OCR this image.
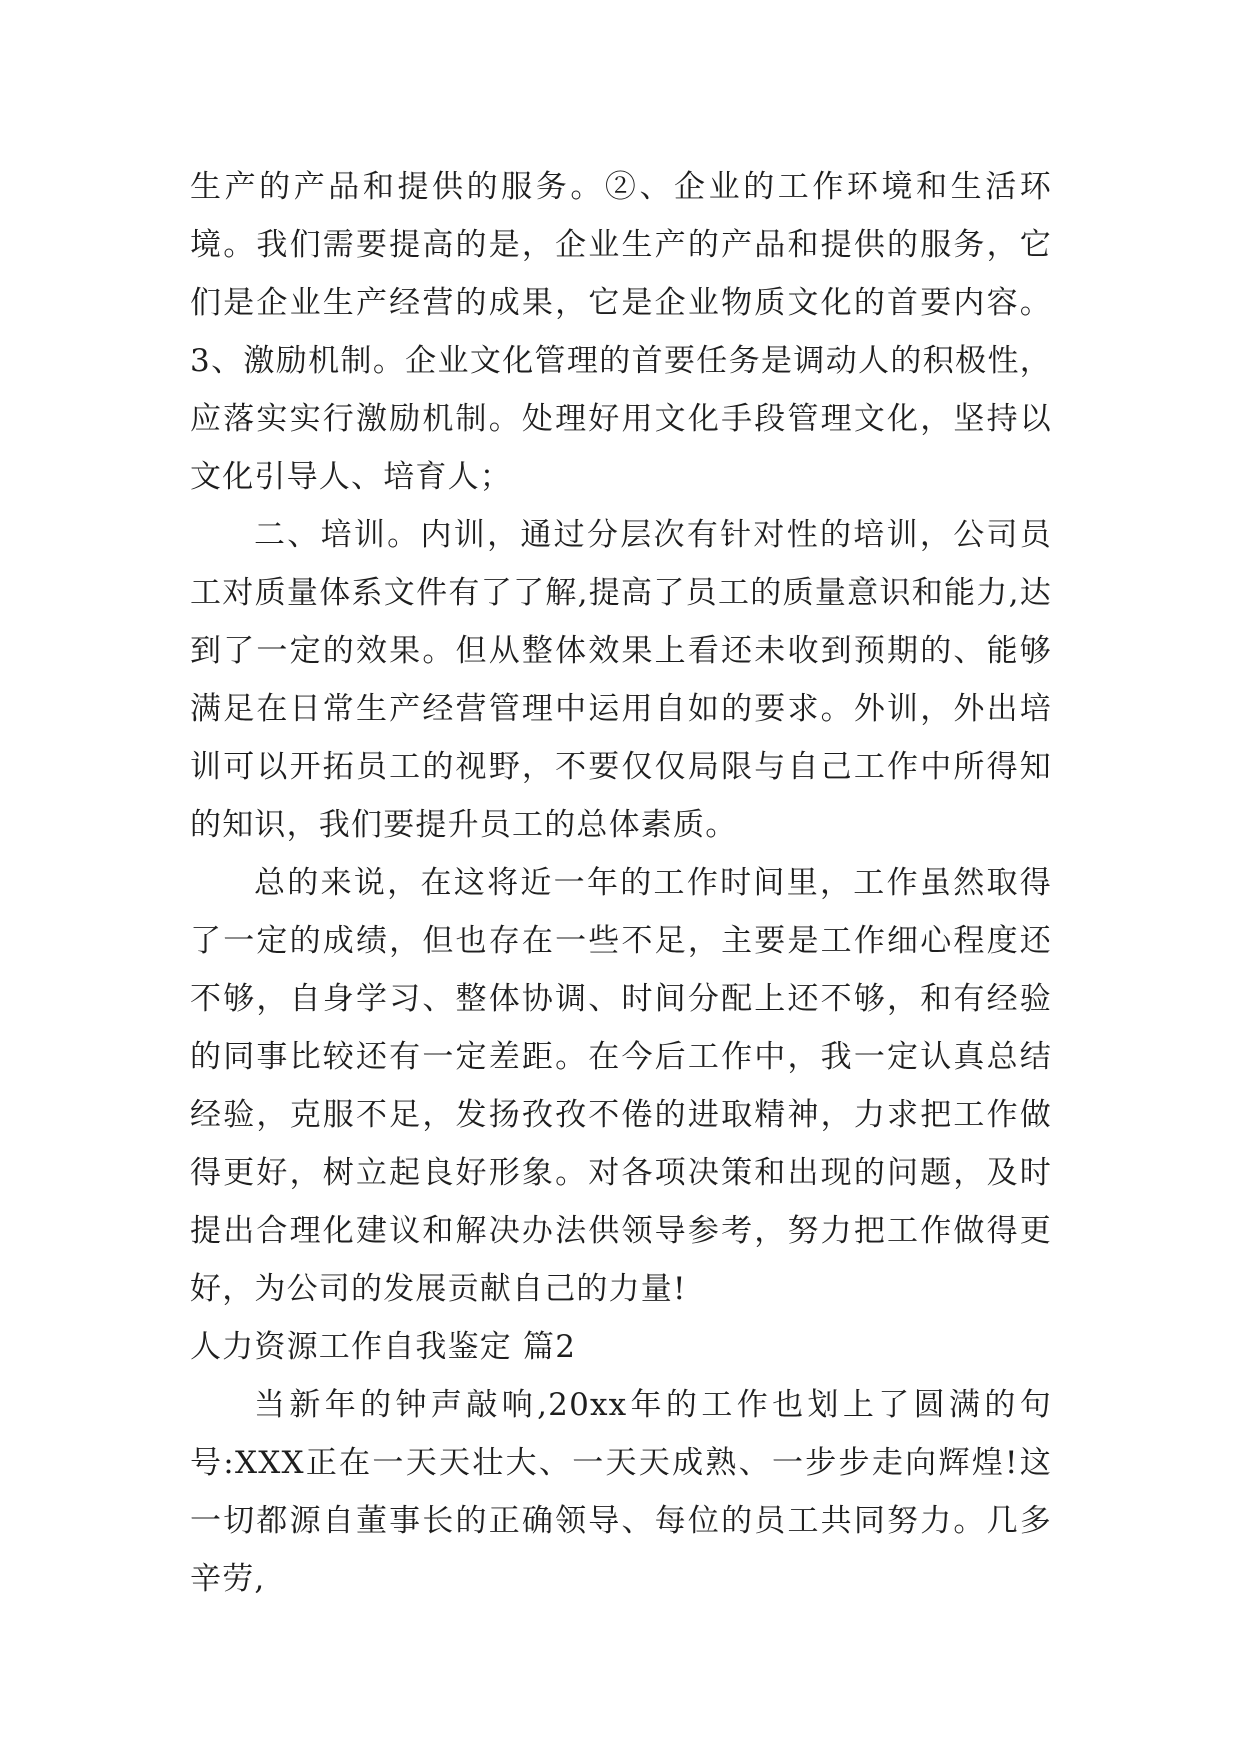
生产的产品和提供的服务。②、企业的工作环境和生活环境。我们需要提高的是，企业生产的产品和提供的服务，它们是企业生产经营的成果，它是企业物质文化的首要内容。3、激励机制。企业文化管理的首要任务是调动人的积极性，应落实实行激励机制。处理好用文化手段管理文化，坚持以文化引导人、培育人；

二、培训。内训，通过分层次有针对性的培训，公司员工对质量体系文件有了了解,提高了员工的质量意识和能力,达到了一定的效果。但从整体效果上看还未收到预期的、能够满足在日常生产经营管理中运用自如的要求。外训，外出培训可以开拓员工的视野，不要仅仅局限与自己工作中所得知的知识，我们要提升员工的总体素质。

总的来说，在这将近一年的工作时间里，工作虽然取得了一定的成绩，但也存在一些不足，主要是工作细心程度还不够，自身学习、整体协调、时间分配上还不够，和有经验的同事比较还有一定差距。在今后工作中，我一定认真总结经验，克服不足，发扬孜孜不倦的进取精神，力求把工作做得更好，树立起良好形象。对各项决策和出现的问题，及时提出合理化建议和解决办法供领导参考，努力把工作做得更好，为公司的发展贡献自己的力量!

人力资源工作自我鉴定 篇2

当新年的钟声敲响,20xx年的工作也划上了圆满的句号:XXX正在一天天壮大、一天天成熟、一步步走向辉煌!这一切都源自董事长的正确领导、每位的员工共同努力。几多辛劳,
